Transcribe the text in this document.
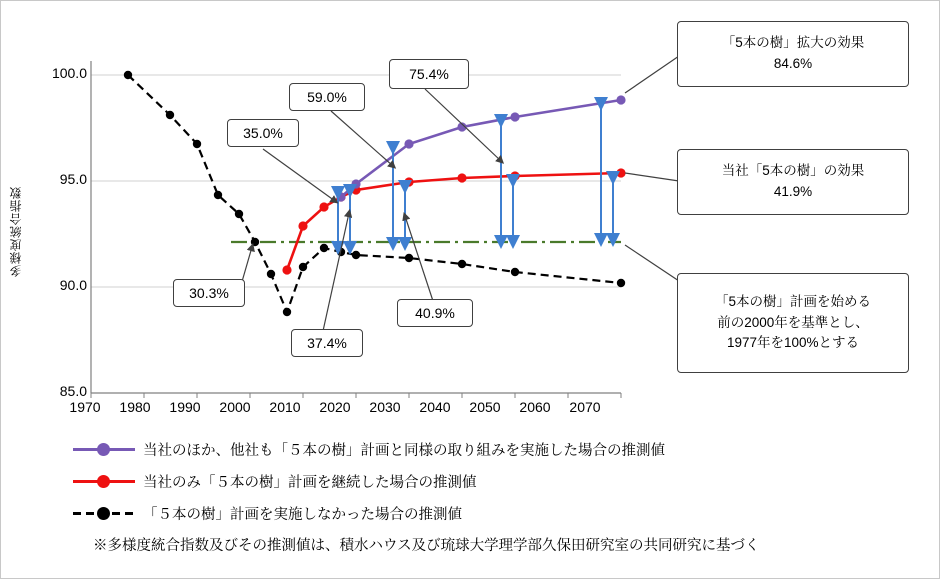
多様度統合指数
100.0
95.0
90.0
85.0
1970	1980	1990	2000	2010	2020	2030	2040	2050	2060	2070
30.3%
35.0%
37.4%
59.0%
40.9%
75.4%
「5本の樹」拡大の効果
84.6%
当社「5本の樹」の効果
41.9%
「5本の樹」計画を始める
前の2000年を基準とし、
1977年を100%とする
当社のほか、他社も「５本の樹」計画と同様の取り組みを実施した場合の推測値
当社のみ「５本の樹」計画を継続した場合の推測値
「５本の樹」計画を実施しなかった場合の推測値
※多様度統合指数及びその推測値は、積水ハウス及び琉球大学理学部久保田研究室の共同研究に基づく
